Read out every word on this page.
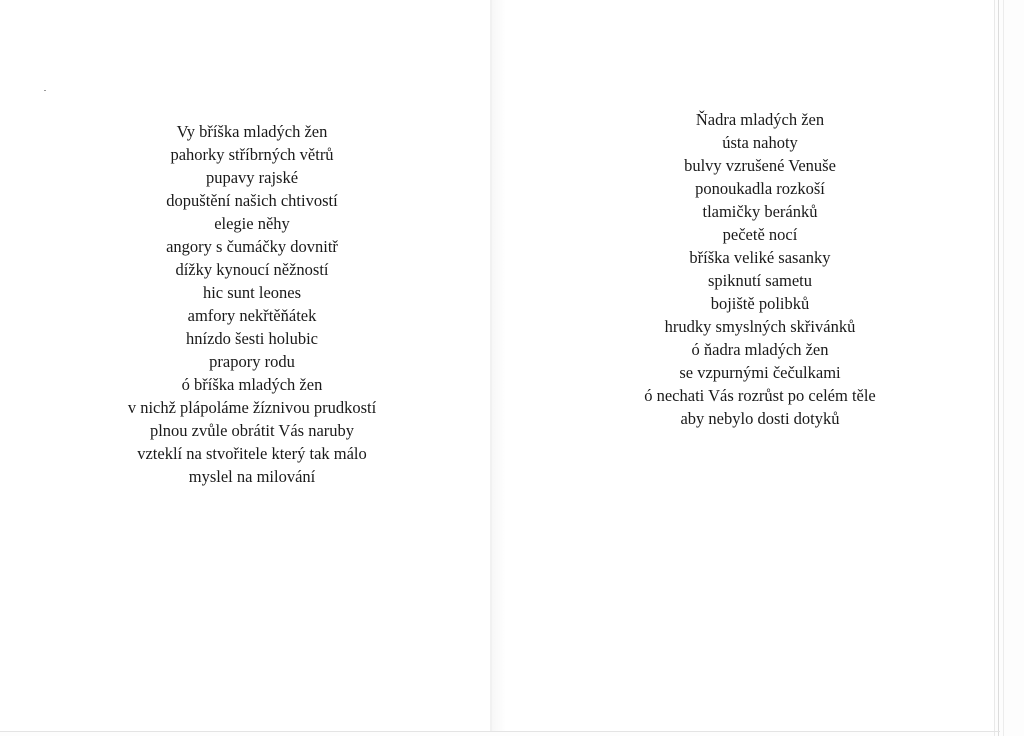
Vy bříška mladých žen
pahorky stříbrných větrů
pupavy rajské
dopuštění našich chtivostí
elegie něhy
angory s čumáčky dovnitř
dížky kynoucí něžností
hic sunt leones
amfory nekřtěňátek
hnízdo šesti holubic
prapory rodu
ó bříška mladých žen
v nichž plápoláme žíznivou prudkostí
plnou zvůle obrátit Vás naruby
vzteklí na stvořitele který tak málo
myslel na milování
Ňadra mladých žen
ústa nahoty
bulvy vzrušené Venuše
ponoukadla rozkoší
tlamičky beránků
pečetě nocí
bříška veliké sasanky
spiknutí sametu
bojiště polibků
hrudky smyslných skřivánků
ó ňadra mladých žen
se vzpurnými čečulkami
ó nechati Vás rozrůst po celém těle
aby nebylo dosti dotyků
